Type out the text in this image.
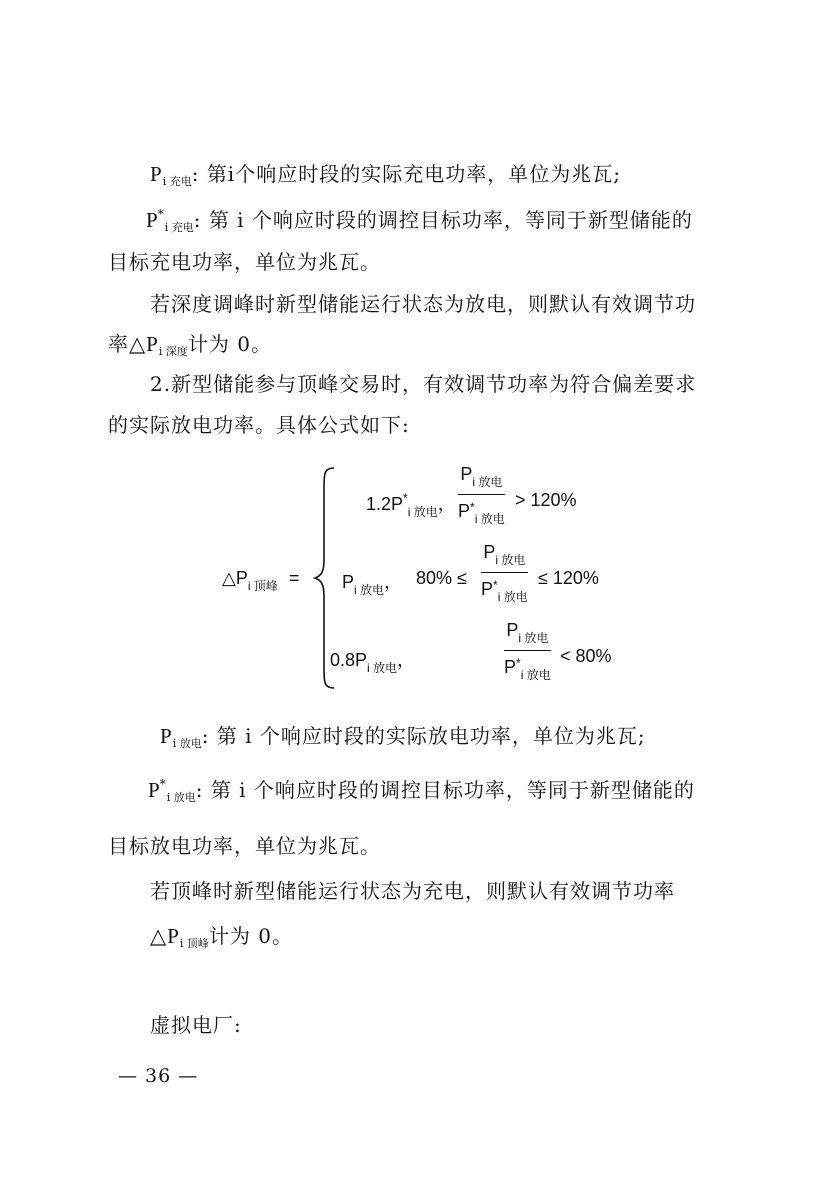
$P_{i 充电}$: 第i个响应时段的实际充电功率，单位为兆瓦;
$P^*_{i 充电}$: 第 i 个响应时段的调控目标功率，等同于新型储能的
目标充电功率，单位为兆瓦。
若深度调峰时新型储能运行状态为放电，则默认有效调节功
率$\triangle P_{i 深度}$计为 0。
2.新型储能参与顶峰交易时，有效调节功率为符合偏差要求
的实际放电功率。具体公式如下:
$\triangle P_{i 顶峰}$ =
$1.2P^*_{i 放电}$，
$P_{i 放电}$
$P^*_{i 放电}$
> 120%
$P_{i 放电}$， 80% ≤
$P_{i 放电}$
$P^*_{i 放电}$
≤ 120%
$0.8P_{i 放电}$，
$P_{i 放电}$
$P^*_{i 放电}$
< 80%
$P_{i 放电}$: 第 i 个响应时段的实际放电功率，单位为兆瓦;
$P^*_{i 放电}$: 第 i 个响应时段的调控目标功率，等同于新型储能的
目标放电功率，单位为兆瓦。
若顶峰时新型储能运行状态为充电，则默认有效调节功率
$\triangle P_{i 顶峰}$计为 0。
虚拟电厂:
— 36 —
